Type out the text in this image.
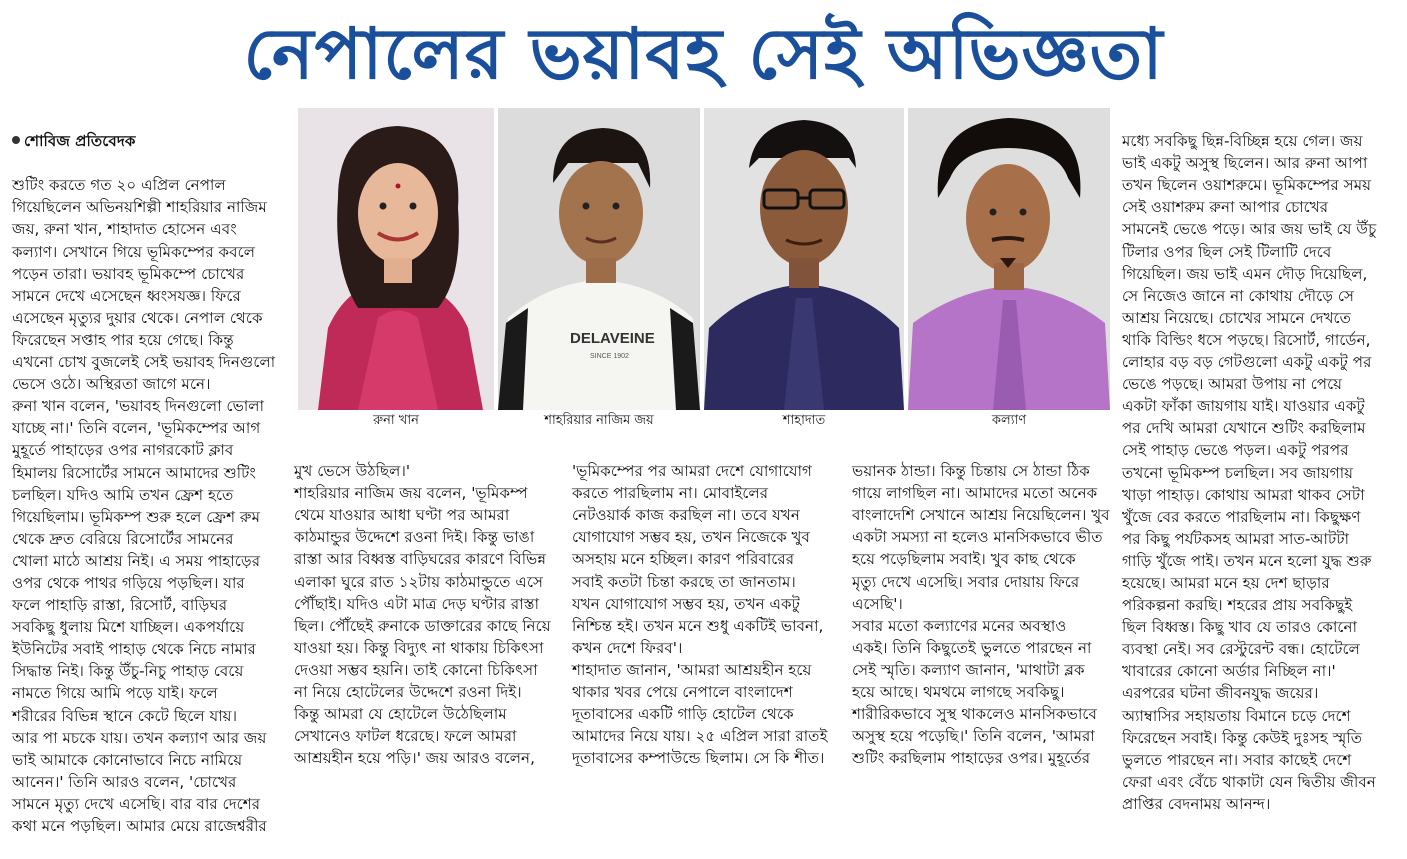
নেপালের ভয়াবহ সেই অভিজ্ঞতা

শোবিজ প্রতিবেদক

শুটিং করতে গত ২০ এপ্রিল নেপাল
গিয়েছিলেন অভিনয়শিল্পী শাহরিয়ার নাজিম
জয়, রুনা খান, শাহাদাত হোসেন এবং
কল্যাণ। সেখানে গিয়ে ভূমিকম্পের কবলে
পড়েন তারা। ভয়াবহ ভূমিকম্পে চোখের
সামনে দেখে এসেছেন ধ্বংসযজ্ঞ। ফিরে
এসেছেন মৃত্যুর দুয়ার থেকে। নেপাল থেকে
ফিরেছেন সপ্তাহ পার হয়ে গেছে। কিন্তু
এখনো চোখ বুজলেই সেই ভয়াবহ দিনগুলো
ভেসে ওঠে। অস্থিরতা জাগে মনে।
রুনা খান বলেন, 'ভয়াবহ দিনগুলো ভোলা
যাচ্ছে না।' তিনি বলেন, 'ভূমিকম্পের আগ
মুহূর্তে পাহাড়ের ওপর নাগরকোট ক্লাব
হিমালয় রিসোর্টের সামনে আমাদের শুটিং
চলছিল। যদিও আমি তখন ফ্রেশ হতে
গিয়েছিলাম। ভূমিকম্প শুরু হলে ফ্রেশ রুম
থেকে দ্রুত বেরিয়ে রিসোর্টের সামনের
খোলা মাঠে আশ্রয় নিই। এ সময় পাহাড়ের
ওপর থেকে পাথর গড়িয়ে পড়ছিল। যার
ফলে পাহাড়ি রাস্তা, রিসোর্ট, বাড়িঘর
সবকিছু ধুলায় মিশে যাচ্ছিল। একপর্যায়ে
ইউনিটের সবাই পাহাড় থেকে নিচে নামার
সিদ্ধান্ত নিই। কিন্তু উঁচু-নিচু পাহাড় বেয়ে
নামতে গিয়ে আমি পড়ে যাই। ফলে
শরীরের বিভিন্ন স্থানে কেটে ছিলে যায়।
আর পা মচকে যায়। তখন কল্যাণ আর জয়
ভাই আমাকে কোনোভাবে নিচে নামিয়ে
আনেন।' তিনি আরও বলেন, 'চোখের
সামনে মৃত্যু দেখে এসেছি। বার বার দেশের
কথা মনে পড়ছিল। আমার মেয়ে রাজেশ্বরীর

DELAVEINE
SINCE 1902
রুনা খান	শাহরিয়ার নাজিম জয়	শাহাদাত	কল্যাণ

মুখ ভেসে উঠছিল।'
শাহরিয়ার নাজিম জয় বলেন, 'ভূমিকম্প
থেমে যাওয়ার আধা ঘণ্টা পর আমরা
কাঠমান্ডুর উদ্দেশে রওনা দিই। কিন্তু ভাঙা
রাস্তা আর বিধ্বস্ত বাড়িঘরের কারণে বিভিন্ন
এলাকা ঘুরে রাত ১২টায় কাঠমান্ডুতে এসে
পৌঁছাই। যদিও এটা মাত্র দেড় ঘণ্টার রাস্তা
ছিল। পৌঁছেই রুনাকে ডাক্তারের কাছে নিয়ে
যাওয়া হয়। কিন্তু বিদ্যুৎ না থাকায় চিকিৎসা
দেওয়া সম্ভব হয়নি। তাই কোনো চিকিৎসা
না নিয়ে হোটেলের উদ্দেশে রওনা দিই।
কিন্তু আমরা যে হোটেলে উঠেছিলাম
সেখানেও ফাটল ধরেছে। ফলে আমরা
আশ্রয়হীন হয়ে পড়ি।' জয় আরও বলেন,

'ভূমিকম্পের পর আমরা দেশে যোগাযোগ
করতে পারছিলাম না। মোবাইলের
নেটওয়ার্ক কাজ করছিল না। তবে যখন
যোগাযোগ সম্ভব হয়, তখন নিজেকে খুব
অসহায় মনে হচ্ছিল। কারণ পরিবারের
সবাই কতটা চিন্তা করছে তা জানতাম।
যখন যোগাযোগ সম্ভব হয়, তখন একটু
নিশ্চিন্ত হই। তখন মনে শুধু একটিই ভাবনা,
কখন দেশে ফিরব'।
শাহাদাত জানান, 'আমরা আশ্রয়হীন হয়ে
থাকার খবর পেয়ে নেপালে বাংলাদেশ
দূতাবাসের একটি গাড়ি হোটেল থেকে
আমাদের নিয়ে যায়। ২৫ এপ্রিল সারা রাতই
দূতাবাসের কম্পাউন্ডে ছিলাম। সে কি শীত।

ভয়ানক ঠান্ডা। কিন্তু চিন্তায় সে ঠান্ডা ঠিক
গায়ে লাগছিল না। আমাদের মতো অনেক
বাংলাদেশি সেখানে আশ্রয় নিয়েছিলেন। খুব
একটা সমস্যা না হলেও মানসিকভাবে ভীত
হয়ে পড়েছিলাম সবাই। খুব কাছ থেকে
মৃত্যু দেখে এসেছি। সবার দোয়ায় ফিরে
এসেছি'।
সবার মতো কল্যাণের মনের অবস্থাও
একই। তিনি কিছুতেই ভুলতে পারছেন না
সেই স্মৃতি। কল্যাণ জানান, 'মাথাটা ব্লক
হয়ে আছে। থমথমে লাগছে সবকিছু।
শারীরিকভাবে সুস্থ থাকলেও মানসিকভাবে
অসুস্থ হয়ে পড়েছি।' তিনি বলেন, 'আমরা
শুটিং করছিলাম পাহাড়ের ওপর। মুহূর্তের

মধ্যে সবকিছু ছিন্ন-বিচ্ছিন্ন হয়ে গেল। জয়
ভাই একটু অসুস্থ ছিলেন। আর রুনা আপা
তখন ছিলেন ওয়াশরুমে। ভূমিকম্পের সময়
সেই ওয়াশরুম রুনা আপার চোখের
সামনেই ভেঙে পড়ে। আর জয় ভাই যে উঁচু
টিলার ওপর ছিল সেই টিলাটি দেবে
গিয়েছিল। জয় ভাই এমন দৌড় দিয়েছিল,
সে নিজেও জানে না কোথায় দৌড়ে সে
আশ্রয় নিয়েছে। চোখের সামনে দেখতে
থাকি বিল্ডিং ধসে পড়ছে। রিসোর্ট, গার্ডেন,
লোহার বড় বড় গেটগুলো একটু একটু পর
ভেঙে পড়ছে। আমরা উপায় না পেয়ে
একটা ফাঁকা জায়গায় যাই। যাওয়ার একটু
পর দেখি আমরা যেখানে শুটিং করছিলাম
সেই পাহাড় ভেঙে পড়ল। একটু পরপর
তখনো ভূমিকম্প চলছিল। সব জায়গায়
খাড়া পাহাড়। কোথায় আমরা থাকব সেটা
খুঁজে বের করতে পারছিলাম না। কিছুক্ষণ
পর কিছু পর্যটকসহ আমরা সাত-আটটা
গাড়ি খুঁজে পাই। তখন মনে হলো যুদ্ধ শুরু
হয়েছে। আমরা মনে হয় দেশ ছাড়ার
পরিকল্পনা করছি। শহরের প্রায় সবকিছুই
ছিল বিধ্বস্ত। কিছু খাব যে তারও কোনো
ব্যবস্থা নেই। সব রেস্টুরেন্ট বন্ধ। হোটেলে
খাবারের কোনো অর্ডার নিচ্ছিল না।'
এরপরের ঘটনা জীবনযুদ্ধ জয়ের।
অ্যাম্বাসির সহায়তায় বিমানে চড়ে দেশে
ফিরেছেন সবাই। কিন্তু কেউই দুঃসহ স্মৃতি
ভুলতে পারছেন না। সবার কাছেই দেশে
ফেরা এবং বেঁচে থাকাটা যেন দ্বিতীয় জীবন
প্রাপ্তির বেদনাময় আনন্দ।
